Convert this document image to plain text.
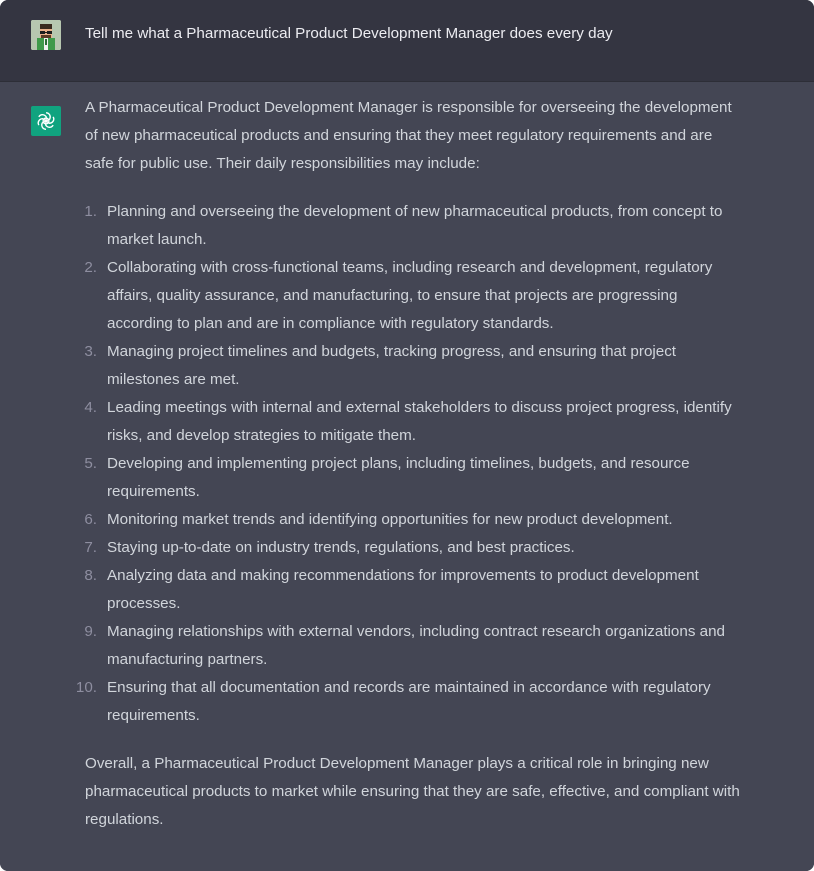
Tell me what a Pharmaceutical Product Development Manager does every day

A Pharmaceutical Product Development Manager is responsible for overseeing the development of new pharmaceutical products and ensuring that they meet regulatory requirements and are safe for public use. Their daily responsibilities may include:

1. Planning and overseeing the development of new pharmaceutical products, from concept to market launch.
2. Collaborating with cross-functional teams, including research and development, regulatory affairs, quality assurance, and manufacturing, to ensure that projects are progressing according to plan and are in compliance with regulatory standards.
3. Managing project timelines and budgets, tracking progress, and ensuring that project milestones are met.
4. Leading meetings with internal and external stakeholders to discuss project progress, identify risks, and develop strategies to mitigate them.
5. Developing and implementing project plans, including timelines, budgets, and resource requirements.
6. Monitoring market trends and identifying opportunities for new product development.
7. Staying up-to-date on industry trends, regulations, and best practices.
8. Analyzing data and making recommendations for improvements to product development processes.
9. Managing relationships with external vendors, including contract research organizations and manufacturing partners.
10. Ensuring that all documentation and records are maintained in accordance with regulatory requirements.

Overall, a Pharmaceutical Product Development Manager plays a critical role in bringing new pharmaceutical products to market while ensuring that they are safe, effective, and compliant with regulations.
